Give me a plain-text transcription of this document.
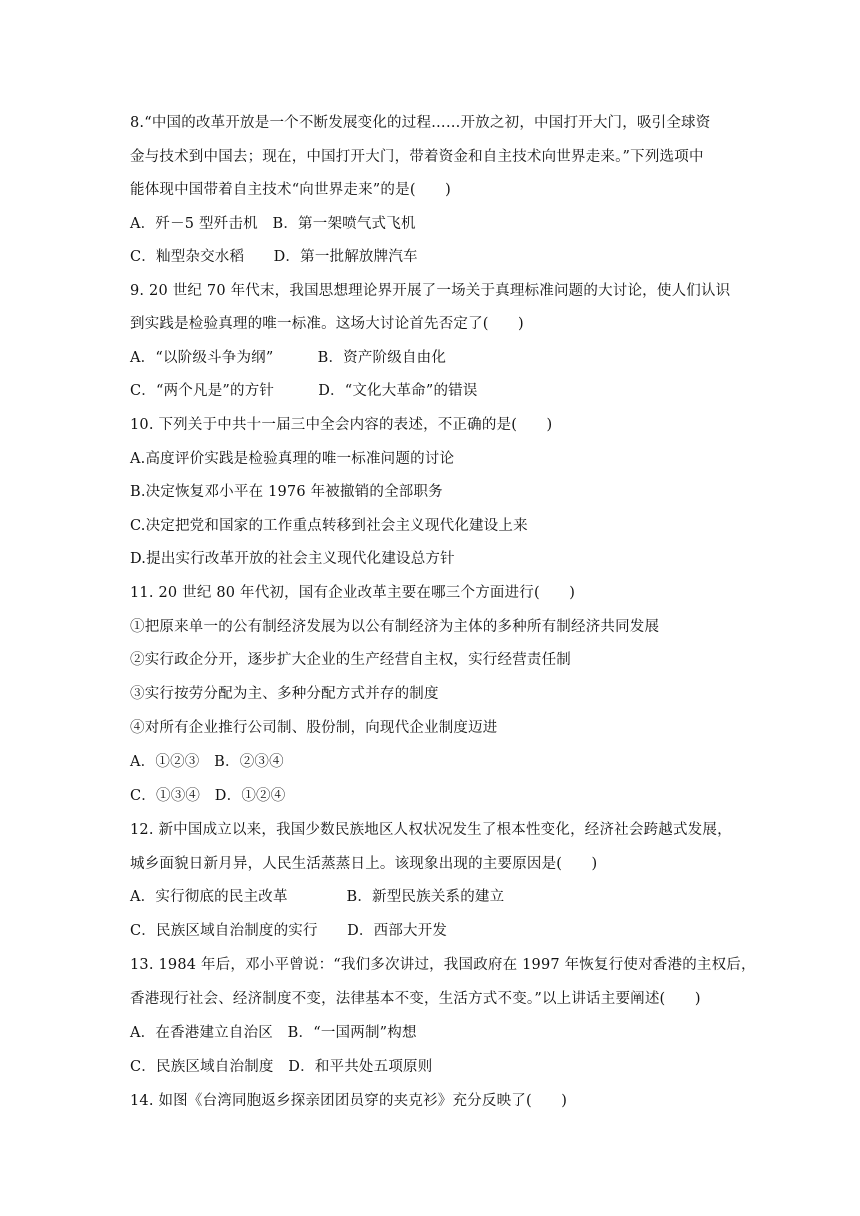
8.“中国的改革开放是一个不断发展变化的过程……开放之初，中国打开大门，吸引全球资
金与技术到中国去；现在，中国打开大门，带着资金和自主技术向世界走来。”下列选项中
能体现中国带着自主技术“向世界走来”的是(　　)
A．歼－5 型歼击机　B．第一架喷气式飞机
C．籼型杂交水稻　　D．第一批解放牌汽车
9. 20 世纪 70 年代末，我国思想理论界开展了一场关于真理标准问题的大讨论，使人们认识
到实践是检验真理的唯一标准。这场大讨论首先否定了(　　)
A．“以阶级斗争为纲”　　　B．资产阶级自由化
C．“两个凡是”的方针　　　D．“文化大革命”的错误
10. 下列关于中共十一届三中全会内容的表述，不正确的是(　　)
A.高度评价实践是检验真理的唯一标准问题的讨论
B.决定恢复邓小平在 1976 年被撤销的全部职务
C.决定把党和国家的工作重点转移到社会主义现代化建设上来
D.提出实行改革开放的社会主义现代化建设总方针
11. 20 世纪 80 年代初，国有企业改革主要在哪三个方面进行(　　)
①把原来单一的公有制经济发展为以公有制经济为主体的多种所有制经济共同发展
②实行政企分开，逐步扩大企业的生产经营自主权，实行经营责任制
③实行按劳分配为主、多种分配方式并存的制度
④对所有企业推行公司制、股份制，向现代企业制度迈进
A．①②③　B．②③④
C．①③④　D．①②④
12. 新中国成立以来，我国少数民族地区人权状况发生了根本性变化，经济社会跨越式发展，
城乡面貌日新月异，人民生活蒸蒸日上。该现象出现的主要原因是(　　)
A．实行彻底的民主改革　　　　B．新型民族关系的建立
C．民族区域自治制度的实行　　D．西部大开发
13. 1984 年后，邓小平曾说：“我们多次讲过，我国政府在 1997 年恢复行使对香港的主权后，
香港现行社会、经济制度不变，法律基本不变，生活方式不变。”以上讲话主要阐述(　　)
A．在香港建立自治区　B．“一国两制”构想
C．民族区域自治制度　D．和平共处五项原则
14. 如图《台湾同胞返乡探亲团团员穿的夹克衫》充分反映了(　　)
